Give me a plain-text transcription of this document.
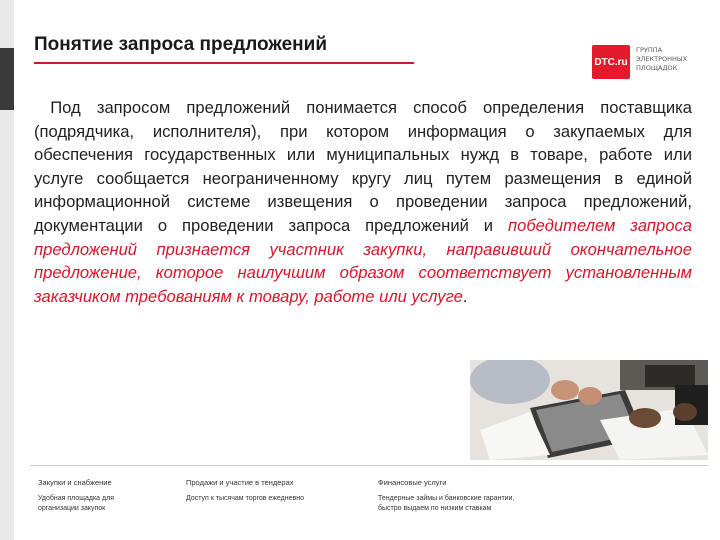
Понятие запроса предложений
DTC.ru
ГРУППА
ЭЛЕКТРОННЫХ
ПЛОЩАДОК
Под запросом предложений понимается способ определения поставщика (подрядчика, исполнителя), при котором информация о закупаемых для обеспечения государственных или муниципальных нужд в товаре, работе или услуге сообщается неограниченному кругу лиц путем размещения в единой информационной системе извещения о проведении запроса предложений, документации о проведении запроса предложений и победителем запроса предложений признается участник закупки, направивший окончательное предложение, которое наилучшим образом соответствует установленным заказчиком требованиям к товару, работе или услуге.
Закупки и снабжение
Удобная площадка для
организации закупок
Продажи и участие в тендерах
Доступ к тысячам торгов ежедневно
Финансовые услуги
Тендерные займы и банковские гарантии,
быстро выдаем по низким ставкам
